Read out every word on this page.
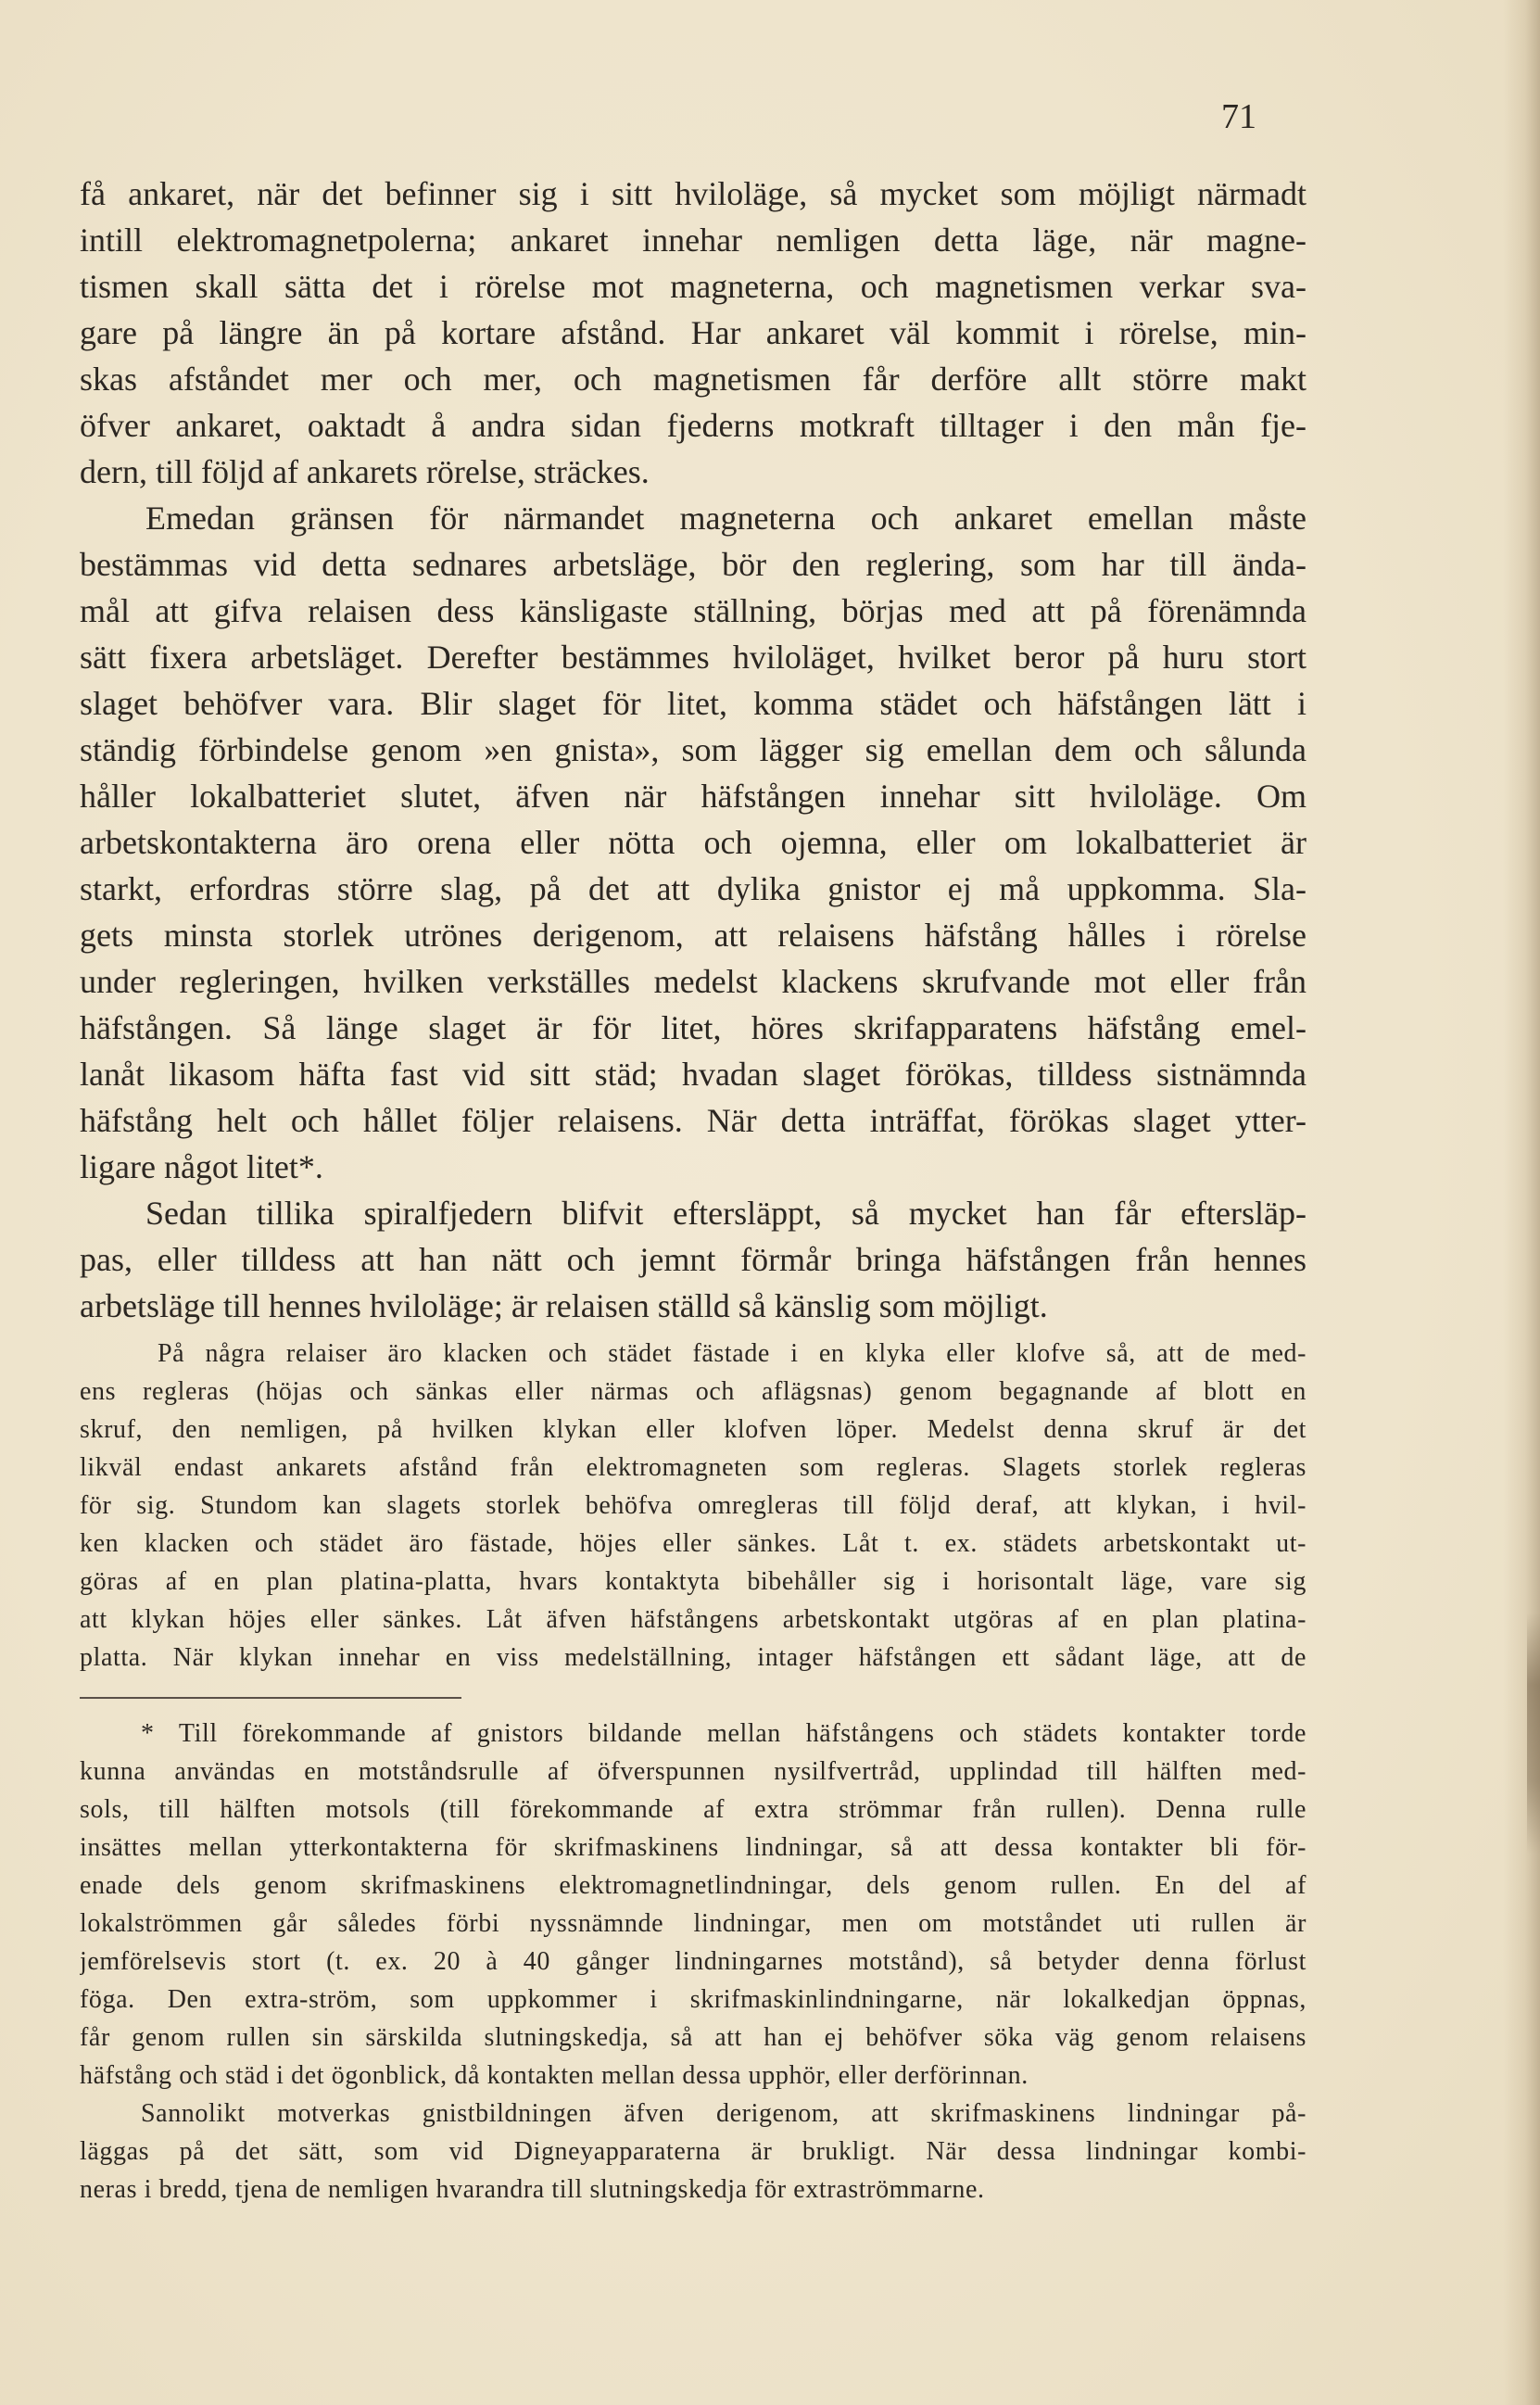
71
få ankaret, när det befinner sig i sitt hviloläge, så mycket som möjligt närmadt
intill elektromagnetpolerna; ankaret innehar nemligen detta läge, när magne-
tismen skall sätta det i rörelse mot magneterna, och magnetismen verkar sva-
gare på längre än på kortare afstånd. Har ankaret väl kommit i rörelse, min-
skas afståndet mer och mer, och magnetismen får derföre allt större makt
öfver ankaret, oaktadt å andra sidan fjederns motkraft tilltager i den mån fje-
dern, till följd af ankarets rörelse, sträckes.
Emedan gränsen för närmandet magneterna och ankaret emellan måste
bestämmas vid detta sednares arbetsläge, bör den reglering, som har till ända-
mål att gifva relaisen dess känsligaste ställning, börjas med att på förenämnda
sätt fixera arbetsläget. Derefter bestämmes hviloläget, hvilket beror på huru stort
slaget behöfver vara. Blir slaget för litet, komma städet och häfstången lätt i
ständig förbindelse genom »en gnista», som lägger sig emellan dem och sålunda
håller lokalbatteriet slutet, äfven när häfstången innehar sitt hviloläge. Om
arbetskontakterna äro orena eller nötta och ojemna, eller om lokalbatteriet är
starkt, erfordras större slag, på det att dylika gnistor ej må uppkomma. Sla-
gets minsta storlek utrönes derigenom, att relaisens häfstång hålles i rörelse
under regleringen, hvilken verkställes medelst klackens skrufvande mot eller från
häfstången. Så länge slaget är för litet, höres skrifapparatens häfstång emel-
lanåt likasom häfta fast vid sitt städ; hvadan slaget förökas, tilldess sistnämnda
häfstång helt och hållet följer relaisens. När detta inträffat, förökas slaget ytter-
ligare något litet*.
Sedan tillika spiralfjedern blifvit eftersläppt, så mycket han får eftersläp-
pas, eller tilldess att han nätt och jemnt förmår bringa häfstången från hennes
arbetsläge till hennes hviloläge; är relaisen ställd så känslig som möjligt.
På några relaiser äro klacken och städet fästade i en klyka eller klofve så, att de med-
ens regleras (höjas och sänkas eller närmas och aflägsnas) genom begagnande af blott en
skruf, den nemligen, på hvilken klykan eller klofven löper. Medelst denna skruf är det
likväl endast ankarets afstånd från elektromagneten som regleras. Slagets storlek regleras
för sig. Stundom kan slagets storlek behöfva omregleras till följd deraf, att klykan, i hvil-
ken klacken och städet äro fästade, höjes eller sänkes. Låt t. ex. städets arbetskontakt ut-
göras af en plan platina-platta, hvars kontaktyta bibehåller sig i horisontalt läge, vare sig
att klykan höjes eller sänkes. Låt äfven häfstångens arbetskontakt utgöras af en plan platina-
platta. När klykan innehar en viss medelställning, intager häfstången ett sådant läge, att de
* Till förekommande af gnistors bildande mellan häfstångens och städets kontakter torde
kunna användas en motståndsrulle af öfverspunnen nysilfvertråd, upplindad till hälften med-
sols, till hälften motsols (till förekommande af extra strömmar från rullen). Denna rulle
insättes mellan ytterkontakterna för skrifmaskinens lindningar, så att dessa kontakter bli för-
enade dels genom skrifmaskinens elektromagnetlindningar, dels genom rullen. En del af
lokalströmmen går således förbi nyssnämnde lindningar, men om motståndet uti rullen är
jemförelsevis stort (t. ex. 20 à 40 gånger lindningarnes motstånd), så betyder denna förlust
föga. Den extra-ström, som uppkommer i skrifmaskinlindningarne, när lokalkedjan öppnas,
får genom rullen sin särskilda slutningskedja, så att han ej behöfver söka väg genom relaisens
häfstång och städ i det ögonblick, då kontakten mellan dessa upphör, eller derförinnan.
Sannolikt motverkas gnistbildningen äfven derigenom, att skrifmaskinens lindningar på-
läggas på det sätt, som vid Digneyapparaterna är brukligt. När dessa lindningar kombi-
neras i bredd, tjena de nemligen hvarandra till slutningskedja för extraströmmarne.
